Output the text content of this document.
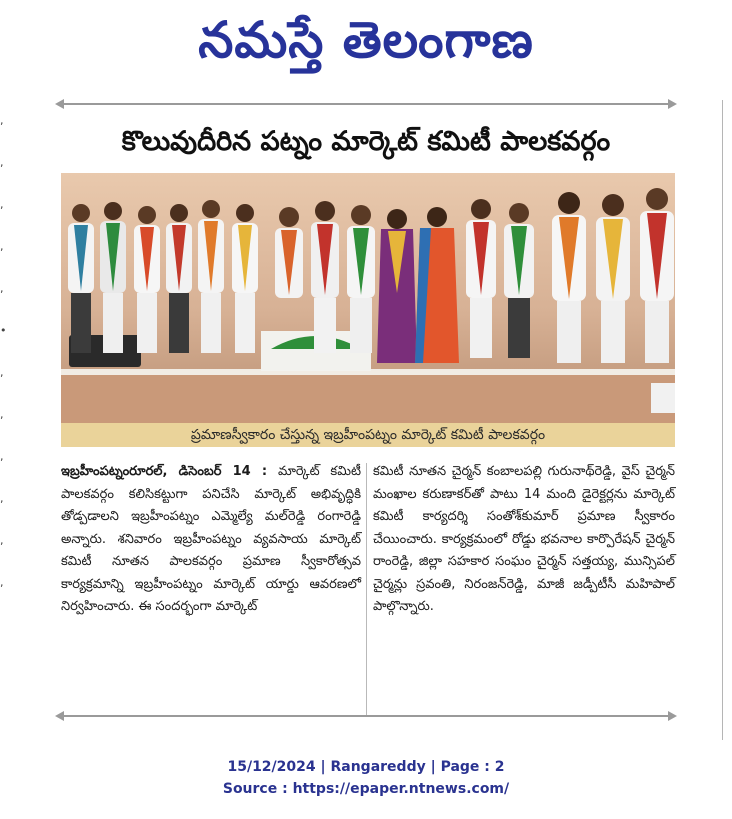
నమస్తే తెలంగాణ
,
,
,
,
,
•
,
,
,
,
,
,
కొలువుదీరిన పట్నం మార్కెట్ కమిటీ పాలకవర్గం
ప్రమాణస్వీకారం చేస్తున్న ఇబ్రహీంపట్నం మార్కెట్ కమిటీ పాలకవర్గం
ఇబ్రహీంపట్నంరూరల్, డిసెంబర్ 14 : మార్కెట్ కమిటీ పాలకవర్గం కలిసికట్టుగా పనిచేసి మార్కెట్ అభివృద్ధికి తోడ్పడాలని ఇబ్రహీంపట్నం ఎమ్మెల్యే మల్‌రెడ్డి రంగారెడ్డి అన్నారు. శనివారం ఇబ్రహీంపట్నం వ్యవసాయ మార్కెట్ కమిటీ నూతన పాలకవర్గం ప్రమాణ స్వీకారోత్సవ కార్యక్రమాన్ని ఇబ్రహీంపట్నం మార్కెట్ యార్డు ఆవరణలో నిర్వహించారు. ఈ సందర్భంగా మార్కెట్
కమిటీ నూతన చైర్మన్ కంబాలపల్లి గురునాథ్‌రెడ్డి, వైస్ చైర్మన్ మంఖాల కరుణాకర్‌తో పాటు 14 మంది డైరెక్టర్లను మార్కెట్ కమిటీ కార్యదర్శి సంతోశ్‌కుమార్ ప్రమాణ స్వీకారం చేయించారు. కార్యక్రమంలో రోడ్డు భవనాల కార్పొరేషన్ చైర్మన్ రాంరెడ్డి, జిల్లా సహకార సంఘం చైర్మన్ సత్తయ్య, మున్సిపల్ చైర్మన్లు స్రవంతి, నిరంజన్‌రెడ్డి, మాజీ జడ్పీటీసీ మహిపాల్ పాల్గొన్నారు.
15/12/2024 | Rangareddy | Page : 2
Source : https://epaper.ntnews.com/
